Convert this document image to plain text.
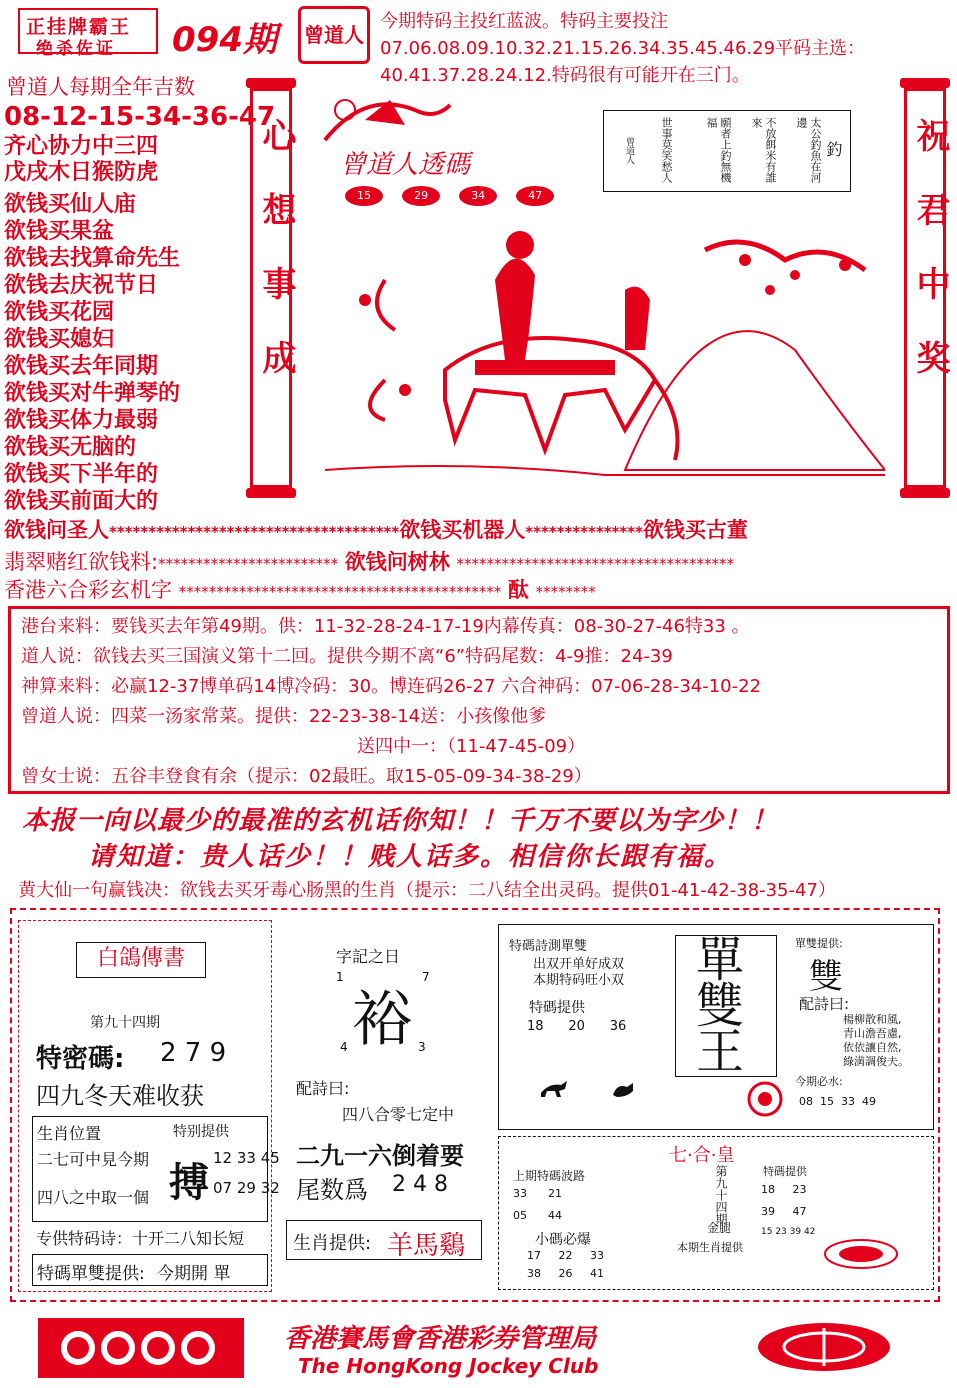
正挂牌霸王
绝杀佐证 094期 曾道人
今期特码主投红蓝波。特码主要投注07.06.08.09.10.32.21.15.26.34.35.45.46.29平码主选：40.41.37.28.24.12.特码很有可能开在三门。
曾道人每期全年吉数
08-12-15-34-36-47
齐心协力中三四
戊戌木日猴防虎
欲钱买仙人庙
欲钱买果盆
欲钱去找算命先生
欲钱去庆祝节日
欲钱买花园
欲钱买媳妇
欲钱买去年同期
欲钱买对牛弹琴的
欲钱买体力最弱
欲钱买无脑的
欲钱买下半年的
欲钱买前面大的
心想事成 曾道人透碼
15	29	34	47
太公釣魚在河邊
不放餌米有誰來
願者上釣無機福
世事莫笑愁人	釣
曾道人	祝君中奖
欲钱问圣人*************************************欲钱买机器人***************欲钱买古董
翡翠赌红欲钱料:************************ 欲钱问树林 *************************************
香港六合彩玄机字 ******************************************* 酞 ********
港台来料：要钱买去年第49期。供：11-32-28-24-17-19内幕传真：08-30-27-46特33 。
道人说：欲钱去买三国演义第十二回。提供今期不离“6”特码尾数：4-9推：24-39
神算来料：必赢12-37博单码14博冷码：30。博连码26-27 六合神码：07-06-28-34-10-22
曾道人说：四菜一汤家常菜。提供：22-23-38-14送：小孩像他爹
送四中一：（11-47-45-09）
曾女士说：五谷丰登食有余（提示：02最旺。取15-05-09-34-38-29）
本报一向以最少的最准的玄机话你知！！千万不要以为字少！！
请知道：贵人话少！！贱人话多。相信你长跟有福。
黄大仙一句赢钱决：欲钱去买牙毒心肠黑的生肖（提示：二八结全出灵码。提供01-41-42-38-35-47）
白鴿傳書
第九十四期
特密碼: 2 7 9
四九冬天难收获
生肖位置
二七可中見今期
四八之中取一個
特别提供
搏
12 33 45
07 29 32
专供特码诗：十开二八知长短
特碼單雙提供: 今期開 單
字記之日
1	7
裕
4	3
配詩曰:
四八合零七定中
二九一六倒着要
尾数爲 2 4 8
生肖提供: 羊馬鷄
特碼詩測單雙
出双开单好成双
本期特码旺小双
特碼提供
18 20 36
單
雙
王
單雙提供:
雙
配詩曰:
楊柳散和風,
青山澹吾慮,
依依讓自然,
綠満調俊夫。
今期必水:
08 15 33 49
七·合·皇
上期特碼波路
33 21
05 44	第九十四期
金腿
特碼提供
18 23
39 47
小碼必爆
17 22 33
38 26 41
本期生肖提供
15 23 39 42
香港賽馬會香港彩券管理局
The HongKong Jockey Club
